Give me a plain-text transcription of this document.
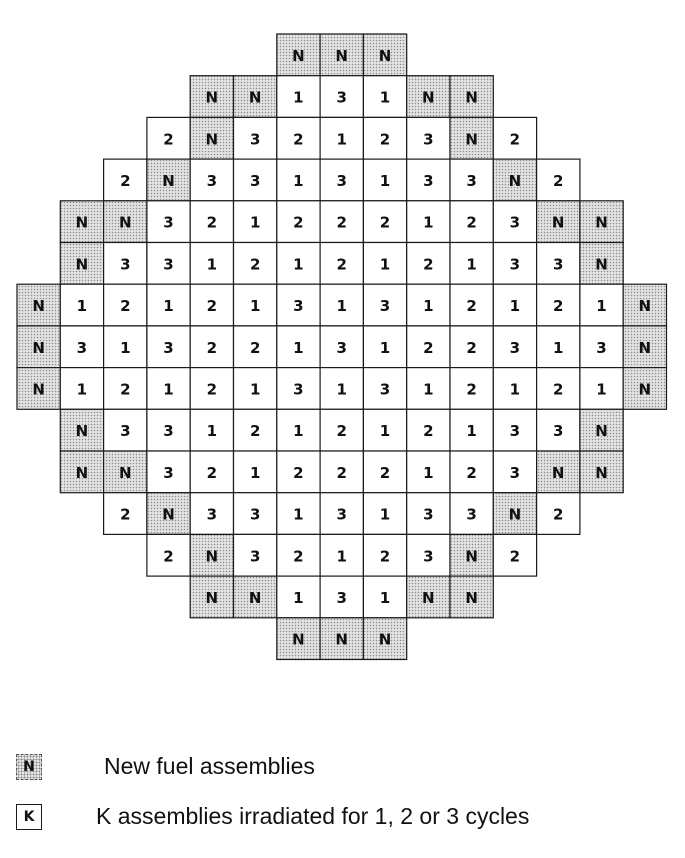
N N N
N N 1 3 1 N N
2 N 3 2 1 2 3 N 2
2 N 3 3 1 3 1 3 3 N 2
N N 3 2 1 2 2 2 1 2 3 N N
N 3 3 1 2 1 2 1 2 1 3 3 N
N 1 2 1 2 1 3 1 3 1 2 1 2 1 N
N 3 1 3 2 2 1 3 1 2 2 3 1 3 N
N 1 2 1 2 1 3 1 3 1 2 1 2 1 N
N 3 3 1 2 1 2 1 2 1 3 3 N
N N 3 2 1 2 2 2 1 2 3 N N
2 N 3 3 1 3 1 3 3 N 2
2 N 3 2 1 2 3 N 2
N N 1 3 1 N N
N N N
N	New fuel assemblies
K	K assemblies irradiated for 1, 2 or 3 cycles
